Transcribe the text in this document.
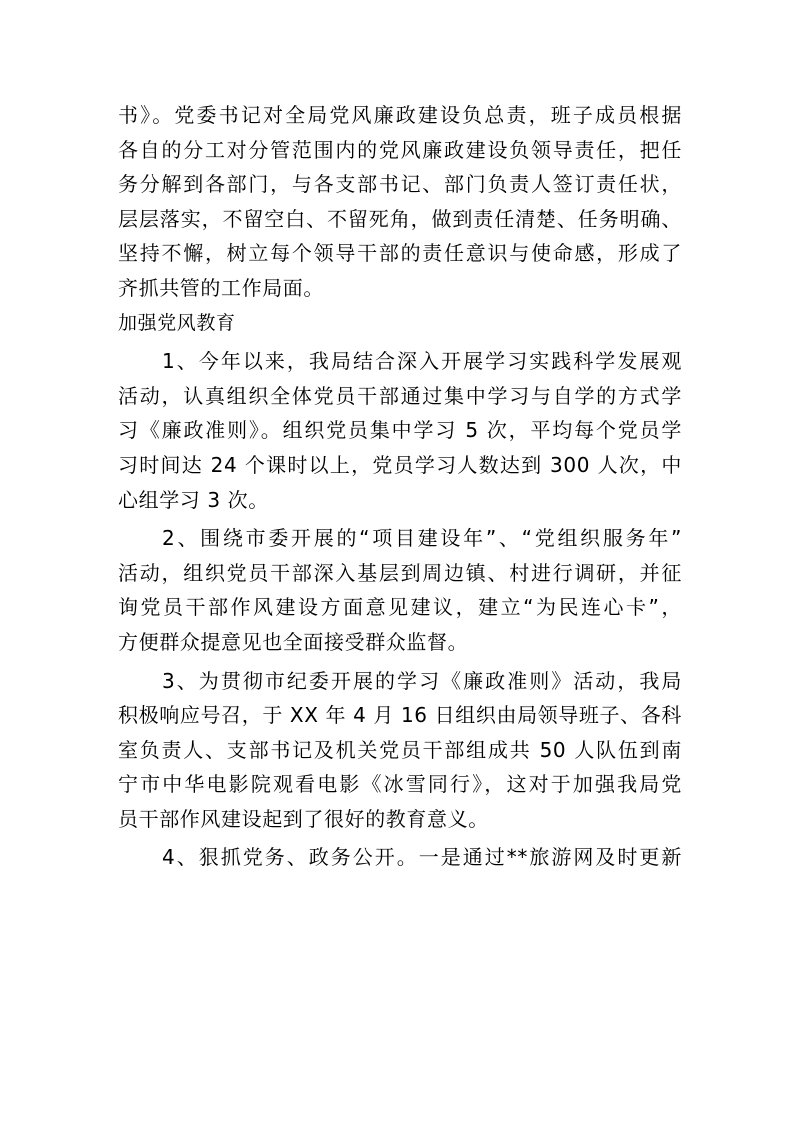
书》。党委书记对全局党风廉政建设负总责，班子成员根据
各自的分工对分管范围内的党风廉政建设负领导责任，把任
务分解到各部门，与各支部书记、部门负责人签订责任状，
层层落实，不留空白、不留死角，做到责任清楚、任务明确、
坚持不懈，树立每个领导干部的责任意识与使命感，形成了
齐抓共管的工作局面。
加强党风教育
1、今年以来，我局结合深入开展学习实践科学发展观
活动，认真组织全体党员干部通过集中学习与自学的方式学
习《廉政准则》。组织党员集中学习 5 次，平均每个党员学
习时间达 24 个课时以上，党员学习人数达到 300 人次，中
心组学习 3 次。
2、围绕市委开展的“项目建设年”、“党组织服务年”
活动，组织党员干部深入基层到周边镇、村进行调研，并征
询党员干部作风建设方面意见建议，建立“为民连心卡”，
方便群众提意见也全面接受群众监督。
3、为贯彻市纪委开展的学习《廉政准则》活动，我局
积极响应号召，于 XX 年 4 月 16 日组织由局领导班子、各科
室负责人、支部书记及机关党员干部组成共 50 人队伍到南
宁市中华电影院观看电影《冰雪同行》，这对于加强我局党
员干部作风建设起到了很好的教育意义。
4、狠抓党务、政务公开。一是通过**旅游网及时更新
